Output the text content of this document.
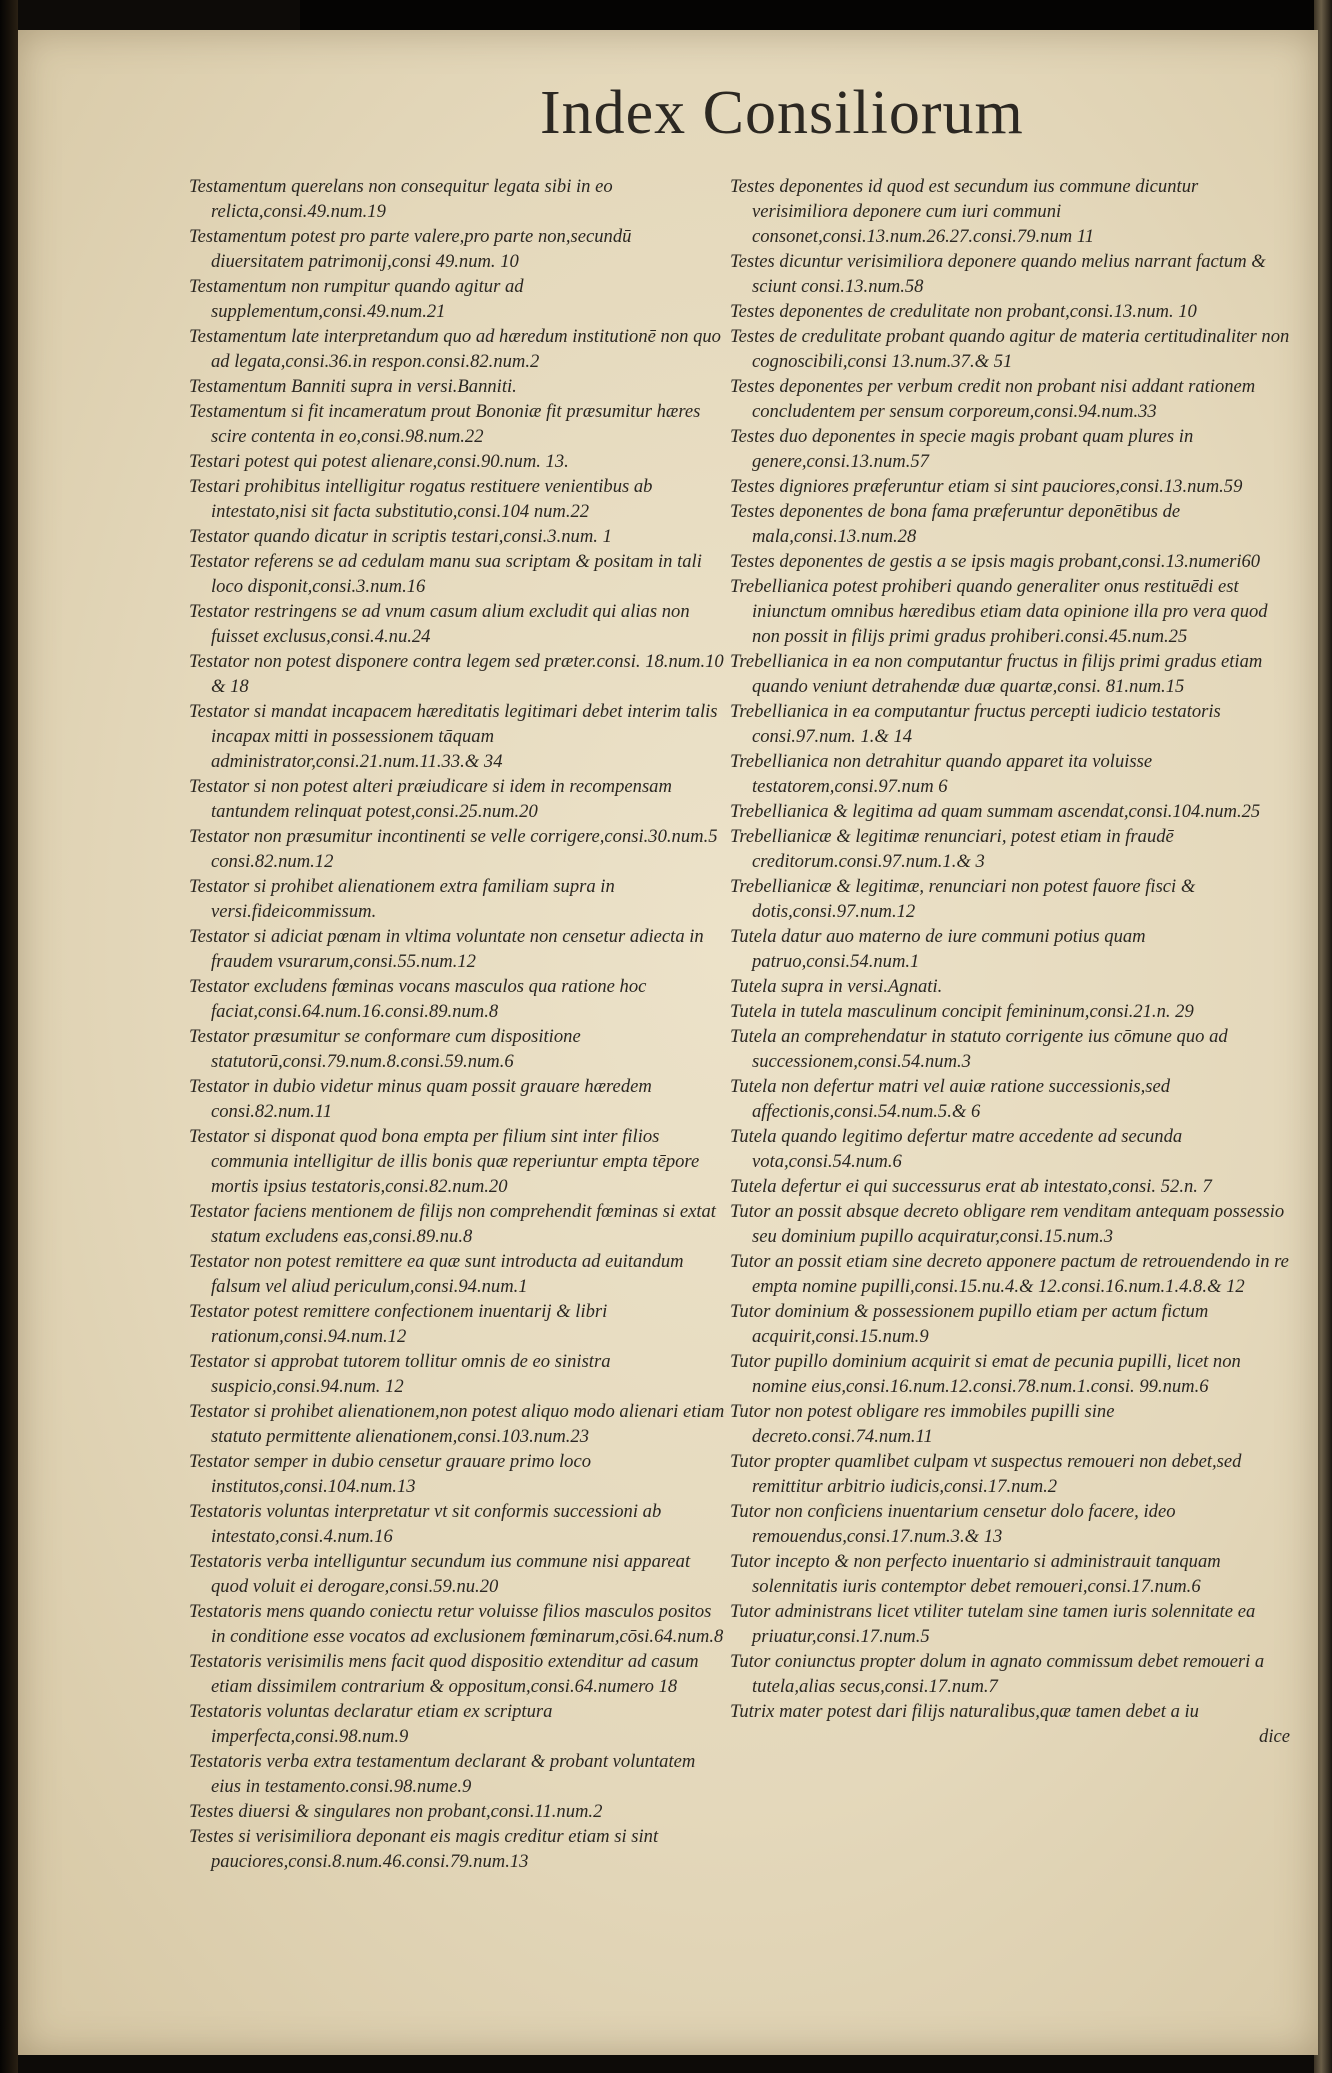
Index Consiliorum

Testamentum querelans non consequitur legata sibi in eo relicta,consi.49.num.19

Testamentum potest pro parte valere,pro parte non,secundū diuersitatem patrimonij,consi 49.num. 10

Testamentum non rumpitur quando agitur ad supplementum,consi.49.num.21

Testamentum late interpretandum quo ad hæredum institutionē non quo ad legata,consi.36.in respon.consi.82.num.2

Testamentum Banniti supra in versi.Banniti.

Testamentum si fit incameratum prout Bononiæ fit præsumitur hæres scire contenta in eo,consi.98.num.22

Testari potest qui potest alienare,consi.90.num. 13.

Testari prohibitus intelligitur rogatus restituere venientibus ab intestato,nisi sit facta substitutio,consi.104 num.22

Testator quando dicatur in scriptis testari,consi.3.num. 1

Testator referens se ad cedulam manu sua scriptam & positam in tali loco disponit,consi.3.num.16

Testator restringens se ad vnum casum alium excludit qui alias non fuisset exclusus,consi.4.nu.24

Testator non potest disponere contra legem sed præter.consi. 18.num.10 & 18

Testator si mandat incapacem hæreditatis legitimari debet interim talis incapax mitti in possessionem tāquam administrator,consi.21.num.11.33.& 34

Testator si non potest alteri præiudicare si idem in recompensam tantundem relinquat potest,consi.25.num.20

Testator non præsumitur incontinenti se velle corrigere,consi.30.num.5 consi.82.num.12

Testator si prohibet alienationem extra familiam supra in versi.fideicommissum.

Testator si adiciat pœnam in vltima voluntate non censetur adiecta in fraudem vsurarum,consi.55.num.12

Testator excludens fœminas vocans masculos qua ratione hoc faciat,consi.64.num.16.consi.89.num.8

Testator præsumitur se conformare cum dispositione statutorū,consi.79.num.8.consi.59.num.6

Testator in dubio videtur minus quam possit grauare hæredem consi.82.num.11

Testator si disponat quod bona empta per filium sint inter filios communia intelligitur de illis bonis quæ reperiuntur empta tēpore mortis ipsius testatoris,consi.82.num.20

Testator faciens mentionem de filijs non comprehendit fœminas si extat statum excludens eas,consi.89.nu.8

Testator non potest remittere ea quæ sunt introducta ad euitandum falsum vel aliud periculum,consi.94.num.1

Testator potest remittere confectionem inuentarij & libri rationum,consi.94.num.12

Testator si approbat tutorem tollitur omnis de eo sinistra suspicio,consi.94.num. 12

Testator si prohibet alienationem,non potest aliquo modo alienari etiam statuto permittente alienationem,consi.103.num.23

Testator semper in dubio censetur grauare primo loco institutos,consi.104.num.13

Testatoris voluntas interpretatur vt sit conformis successioni ab intestato,consi.4.num.16

Testatoris verba intelliguntur secundum ius commune nisi appareat quod voluit ei derogare,consi.59.nu.20

Testatoris mens quando coniectu retur voluisse filios masculos positos in conditione esse vocatos ad exclusionem fœminarum,cōsi.64.num.8

Testatoris verisimilis mens facit quod dispositio extenditur ad casum etiam dissimilem contrarium & oppositum,consi.64.numero 18

Testatoris voluntas declaratur etiam ex scriptura imperfecta,consi.98.num.9

Testatoris verba extra testamentum declarant & probant voluntatem eius in testamento.consi.98.nume.9

Testes diuersi & singulares non probant,consi.11.num.2

Testes si verisimiliora deponant eis magis creditur etiam si sint pauciores,consi.8.num.46.consi.79.num.13

Testes deponentes id quod est secundum ius commune dicuntur verisimiliora deponere cum iuri communi consonet,consi.13.num.26.27.consi.79.num 11

Testes dicuntur verisimiliora deponere quando melius narrant factum & sciunt consi.13.num.58

Testes deponentes de credulitate non probant,consi.13.num. 10

Testes de credulitate probant quando agitur de materia certitudinaliter non cognoscibili,consi 13.num.37.& 51

Testes deponentes per verbum credit non probant nisi addant rationem concludentem per sensum corporeum,consi.94.num.33

Testes duo deponentes in specie magis probant quam plures in genere,consi.13.num.57

Testes digniores præferuntur etiam si sint pauciores,consi.13.num.59

Testes deponentes de bona fama præferuntur deponētibus de mala,consi.13.num.28

Testes deponentes de gestis a se ipsis magis probant,consi.13.numeri60

Trebellianica potest prohiberi quando generaliter onus restituēdi est iniunctum omnibus hæredibus etiam data opinione illa pro vera quod non possit in filijs primi gradus prohiberi.consi.45.num.25

Trebellianica in ea non computantur fructus in filijs primi gradus etiam quando veniunt detrahendæ duæ quartæ,consi. 81.num.15

Trebellianica in ea computantur fructus percepti iudicio testatoris consi.97.num. 1.& 14

Trebellianica non detrahitur quando apparet ita voluisse testatorem,consi.97.num 6

Trebellianica & legitima ad quam summam ascendat,consi.104.num.25

Trebellianicæ & legitimæ renunciari, potest etiam in fraudē creditorum.consi.97.num.1.& 3

Trebellianicæ & legitimæ, renunciari non potest fauore fisci & dotis,consi.97.num.12

Tutela datur auo materno de iure communi potius quam patruo,consi.54.num.1

Tutela supra in versi.Agnati.

Tutela in tutela masculinum concipit femininum,consi.21.n. 29

Tutela an comprehendatur in statuto corrigente ius cōmune quo ad successionem,consi.54.num.3

Tutela non defertur matri vel auiæ ratione successionis,sed affectionis,consi.54.num.5.& 6

Tutela quando legitimo defertur matre accedente ad secunda vota,consi.54.num.6

Tutela defertur ei qui successurus erat ab intestato,consi. 52.n. 7

Tutor an possit absque decreto obligare rem venditam antequam possessio seu dominium pupillo acquiratur,consi.15.num.3

Tutor an possit etiam sine decreto apponere pactum de retrouendendo in re empta nomine pupilli,consi.15.nu.4.& 12.consi.16.num.1.4.8.& 12

Tutor dominium & possessionem pupillo etiam per actum fictum acquirit,consi.15.num.9

Tutor pupillo dominium acquirit si emat de pecunia pupilli, licet non nomine eius,consi.16.num.12.consi.78.num.1.consi. 99.num.6

Tutor non potest obligare res immobiles pupilli sine decreto.consi.74.num.11

Tutor propter quamlibet culpam vt suspectus remoueri non debet,sed remittitur arbitrio iudicis,consi.17.num.2

Tutor non conficiens inuentarium censetur dolo facere, ideo remouendus,consi.17.num.3.& 13

Tutor incepto & non perfecto inuentario si administrauit tanquam solennitatis iuris contemptor debet remoueri,consi.17.num.6

Tutor administrans licet vtiliter tutelam sine tamen iuris solennitate ea priuatur,consi.17.num.5

Tutor coniunctus propter dolum in agnato commissum debet remoueri a tutela,alias secus,consi.17.num.7

Tutrix mater potest dari filijs naturalibus,quæ tamen debet a iu

dice
